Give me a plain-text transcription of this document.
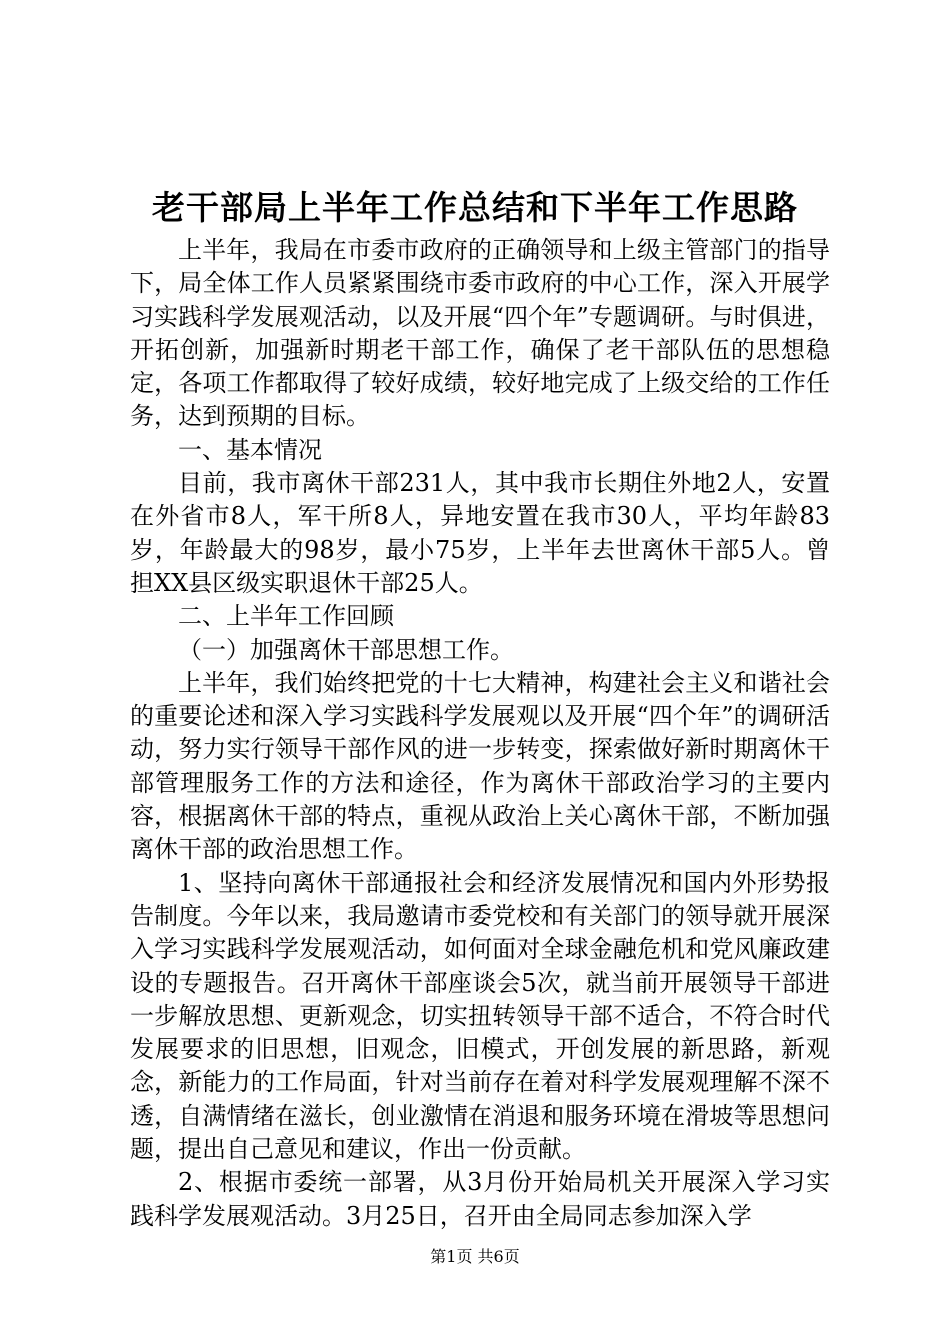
老干部局上半年工作总结和下半年工作思路

上半年，我局在市委市政府的正确领导和上级主管部门的指导下，局全体工作人员紧紧围绕市委市政府的中心工作，深入开展学习实践科学发展观活动，以及开展“四个年”专题调研。与时俱进，开拓创新，加强新时期老干部工作，确保了老干部队伍的思想稳定，各项工作都取得了较好成绩，较好地完成了上级交给的工作任务，达到预期的目标。

一、基本情况

目前，我市离休干部231人，其中我市长期住外地2人，安置在外省市8人，军干所8人，异地安置在我市30人，平均年龄83岁，年龄最大的98岁，最小75岁，上半年去世离休干部5人。曾担XX县区级实职退休干部25人。

二、上半年工作回顾

（一）加强离休干部思想工作。

上半年，我们始终把党的十七大精神，构建社会主义和谐社会的重要论述和深入学习实践科学发展观以及开展“四个年”的调研活动，努力实行领导干部作风的进一步转变，探索做好新时期离休干部管理服务工作的方法和途径，作为离休干部政治学习的主要内容，根据离休干部的特点，重视从政治上关心离休干部，不断加强离休干部的政治思想工作。

1、坚持向离休干部通报社会和经济发展情况和国内外形势报告制度。今年以来，我局邀请市委党校和有关部门的领导就开展深入学习实践科学发展观活动，如何面对全球金融危机和党风廉政建设的专题报告。召开离休干部座谈会5次，就当前开展领导干部进一步解放思想、更新观念，切实扭转领导干部不适合，不符合时代发展要求的旧思想，旧观念，旧模式，开创发展的新思路，新观念，新能力的工作局面，针对当前存在着对科学发展观理解不深不透，自满情绪在滋长，创业激情在消退和服务环境在滑坡等思想问题，提出自己意见和建议，作出一份贡献。

2、根据市委统一部署，从3月份开始局机关开展深入学习实践科学发展观活动。3月25日，召开由全局同志参加深入学

第1页 共6页
